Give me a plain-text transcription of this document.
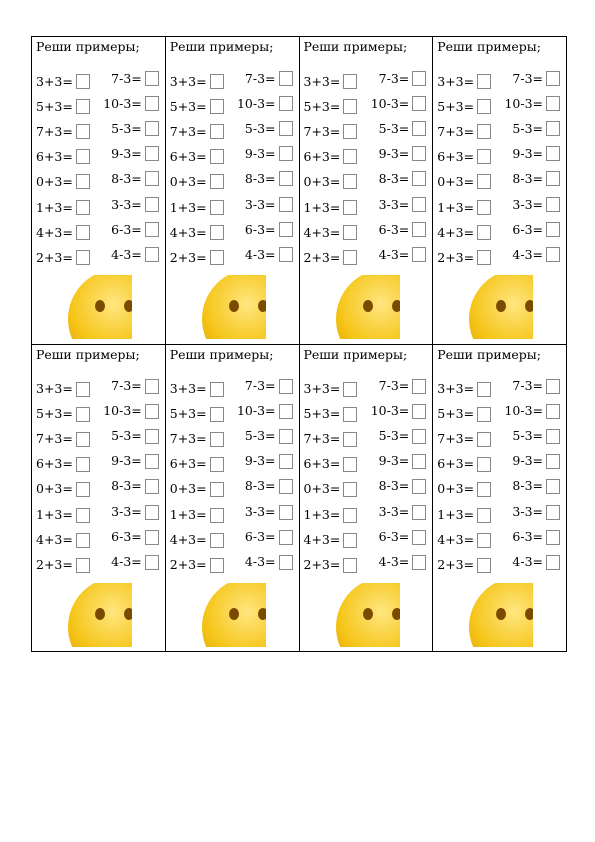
Реши примеры;
3+3=	7-3=
5+3=	10-3=
7+3=	5-3=
6+3=	9-3=
0+3=	8-3=
1+3=	3-3=
4+3=	6-3=
2+3=	4-3=
Реши примеры;
3+3=	7-3=
5+3=	10-3=
7+3=	5-3=
6+3=	9-3=
0+3=	8-3=
1+3=	3-3=
4+3=	6-3=
2+3=	4-3=
Реши примеры;
3+3=	7-3=
5+3=	10-3=
7+3=	5-3=
6+3=	9-3=
0+3=	8-3=
1+3=	3-3=
4+3=	6-3=
2+3=	4-3=
Реши примеры;
3+3=	7-3=
5+3=	10-3=
7+3=	5-3=
6+3=	9-3=
0+3=	8-3=
1+3=	3-3=
4+3=	6-3=
2+3=	4-3=
Реши примеры;
3+3=	7-3=
5+3=	10-3=
7+3=	5-3=
6+3=	9-3=
0+3=	8-3=
1+3=	3-3=
4+3=	6-3=
2+3=	4-3=
Реши примеры;
3+3=	7-3=
5+3=	10-3=
7+3=	5-3=
6+3=	9-3=
0+3=	8-3=
1+3=	3-3=
4+3=	6-3=
2+3=	4-3=
Реши примеры;
3+3=	7-3=
5+3=	10-3=
7+3=	5-3=
6+3=	9-3=
0+3=	8-3=
1+3=	3-3=
4+3=	6-3=
2+3=	4-3=
Реши примеры;
3+3=	7-3=
5+3=	10-3=
7+3=	5-3=
6+3=	9-3=
0+3=	8-3=
1+3=	3-3=
4+3=	6-3=
2+3=	4-3=
